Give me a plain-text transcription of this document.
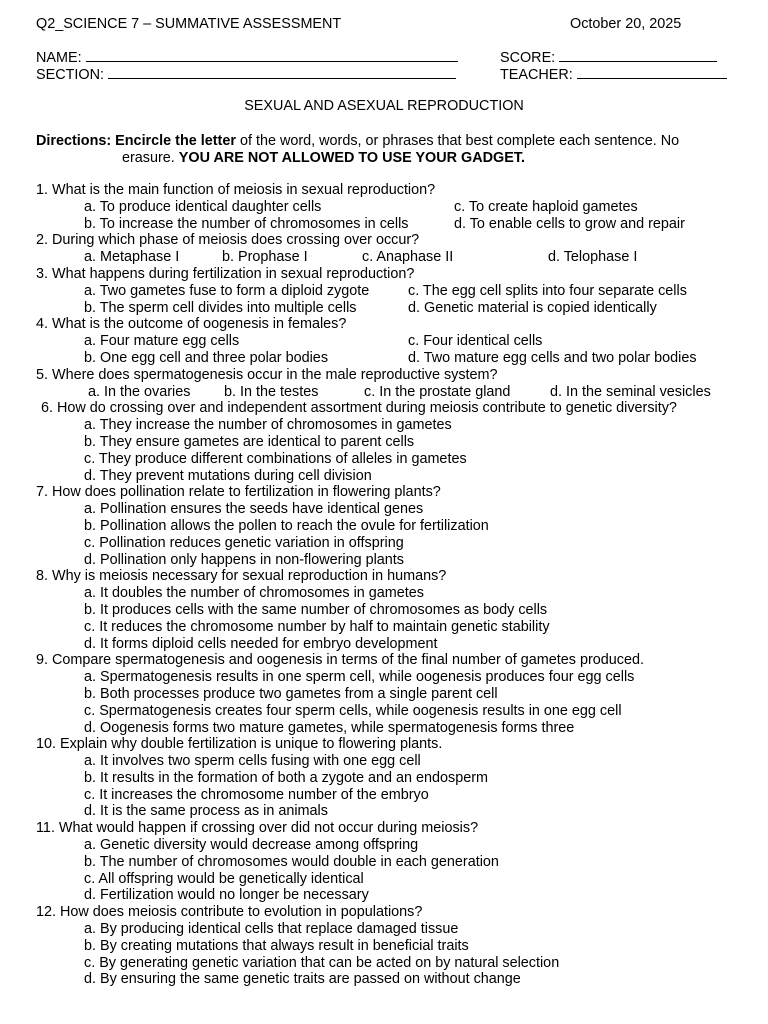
Q2_SCIENCE 7 – SUMMATIVE ASSESSMENT	October 20, 2025
NAME:	SCORE:
SECTION:	TEACHER:
SEXUAL AND ASEXUAL REPRODUCTION
Directions: Encircle the letter of the word, words, or phrases that best complete each sentence. No
erasure. YOU ARE NOT ALLOWED TO USE YOUR GADGET.
1. What is the main function of meiosis in sexual reproduction?
a. To produce identical daughter cells	c. To create haploid gametes
b. To increase the number of chromosomes in cells	d. To enable cells to grow and repair
2. During which phase of meiosis does crossing over occur?
a. Metaphase I	b. Prophase I	c. Anaphase II	d. Telophase I
3. What happens during fertilization in sexual reproduction?
a. Two gametes fuse to form a diploid zygote	c. The egg cell splits into four separate cells
b. The sperm cell divides into multiple cells	d. Genetic material is copied identically
4. What is the outcome of oogenesis in females?
a. Four mature egg cells	c. Four identical cells
b. One egg cell and three polar bodies	d. Two mature egg cells and two polar bodies
5. Where does spermatogenesis occur in the male reproductive system?
a. In the ovaries b. In the testes	c. In the prostate gland	d. In the seminal vesicles
6. How do crossing over and independent assortment during meiosis contribute to genetic diversity?
a. They increase the number of chromosomes in gametes
b. They ensure gametes are identical to parent cells
c. They produce different combinations of alleles in gametes
d. They prevent mutations during cell division
7. How does pollination relate to fertilization in flowering plants?
a. Pollination ensures the seeds have identical genes
b. Pollination allows the pollen to reach the ovule for fertilization
c. Pollination reduces genetic variation in offspring
d. Pollination only happens in non-flowering plants
8. Why is meiosis necessary for sexual reproduction in humans?
a. It doubles the number of chromosomes in gametes
b. It produces cells with the same number of chromosomes as body cells
c. It reduces the chromosome number by half to maintain genetic stability
d. It forms diploid cells needed for embryo development
9. Compare spermatogenesis and oogenesis in terms of the final number of gametes produced.
a. Spermatogenesis results in one sperm cell, while oogenesis produces four egg cells
b. Both processes produce two gametes from a single parent cell
c. Spermatogenesis creates four sperm cells, while oogenesis results in one egg cell
d. Oogenesis forms two mature gametes, while spermatogenesis forms three
10. Explain why double fertilization is unique to flowering plants.
a. It involves two sperm cells fusing with one egg cell
b. It results in the formation of both a zygote and an endosperm
c. It increases the chromosome number of the embryo
d. It is the same process as in animals
11. What would happen if crossing over did not occur during meiosis?
a. Genetic diversity would decrease among offspring
b. The number of chromosomes would double in each generation
c. All offspring would be genetically identical
d. Fertilization would no longer be necessary
12. How does meiosis contribute to evolution in populations?
a. By producing identical cells that replace damaged tissue
b. By creating mutations that always result in beneficial traits
c. By generating genetic variation that can be acted on by natural selection
d. By ensuring the same genetic traits are passed on without change
